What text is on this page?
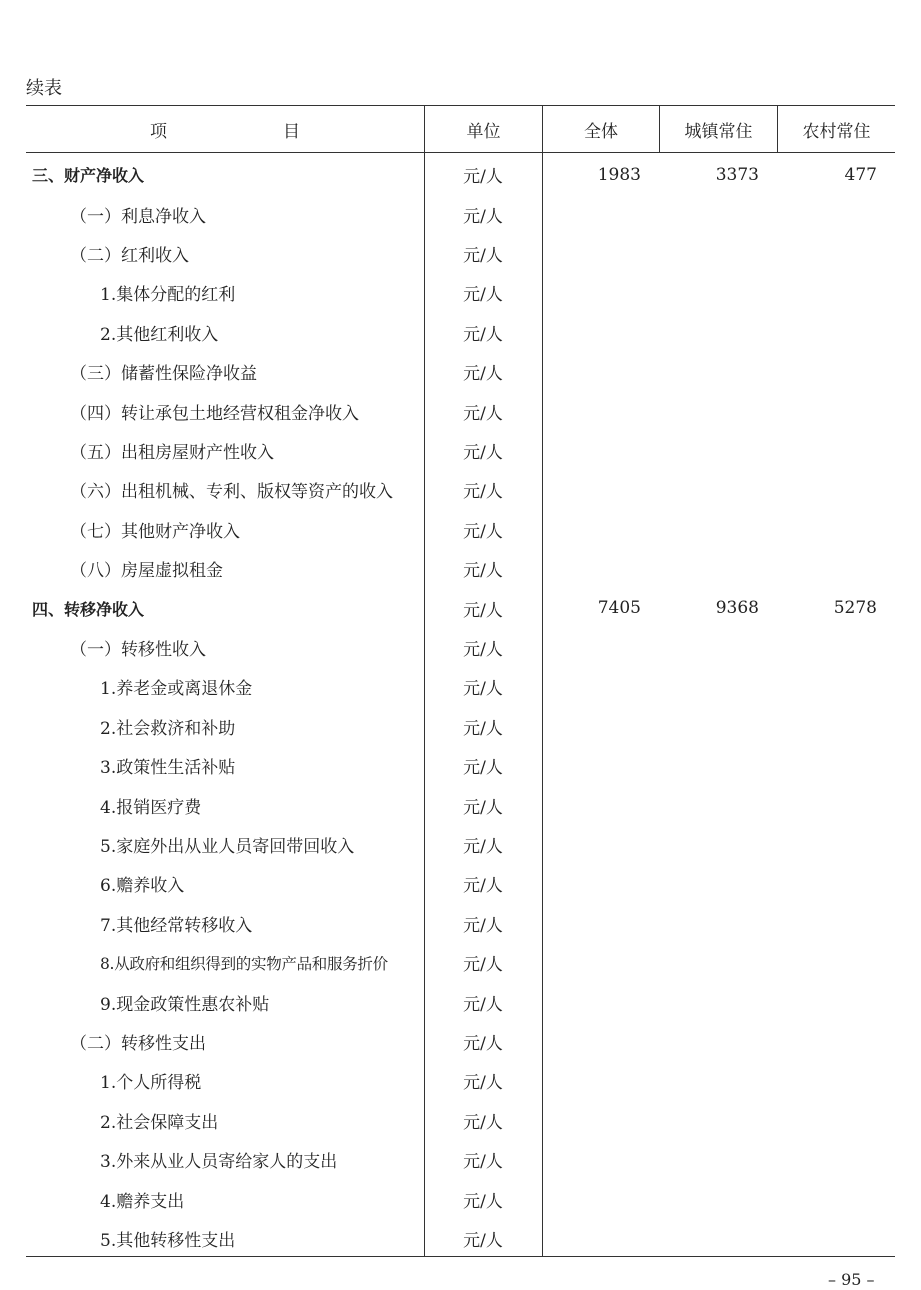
续表
项	目	单位	全体	城镇常住	农村常住
三、财产净收入	元/人	1983	3373	477
（一）利息净收入	元/人
（二）红利收入	元/人
1.集体分配的红利	元/人
2.其他红利收入	元/人
（三）储蓄性保险净收益	元/人
（四）转让承包土地经营权租金净收入	元/人
（五）出租房屋财产性收入	元/人
（六）出租机械、专利、版权等资产的收入	元/人
（七）其他财产净收入	元/人
（八）房屋虚拟租金	元/人
四、转移净收入	元/人	7405	9368	5278
（一）转移性收入	元/人
1.养老金或离退休金	元/人
2.社会救济和补助	元/人
3.政策性生活补贴	元/人
4.报销医疗费	元/人
5.家庭外出从业人员寄回带回收入	元/人
6.赡养收入	元/人
7.其他经常转移收入	元/人
8.从政府和组织得到的实物产品和服务折价	元/人
9.现金政策性惠农补贴	元/人
（二）转移性支出	元/人
1.个人所得税	元/人
2.社会保障支出	元/人
3.外来从业人员寄给家人的支出	元/人
4.赡养支出	元/人
5.其他转移性支出	元/人
– 95 –
